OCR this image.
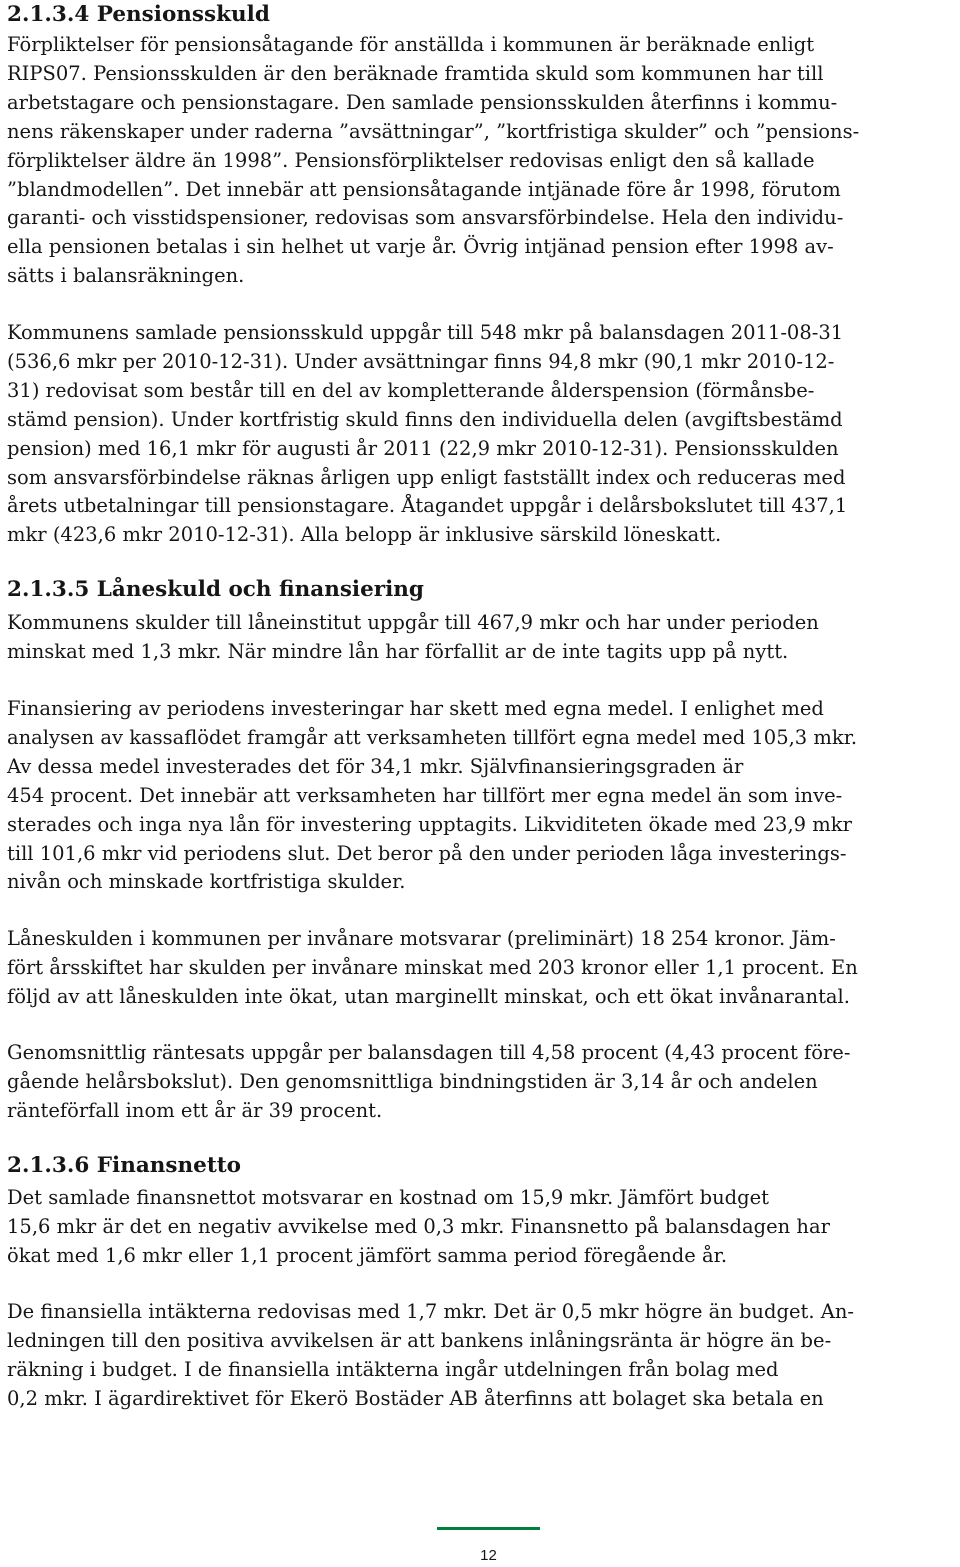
2.1.3.4 Pensionsskuld

Förpliktelser för pensionsåtagande för anställda i kommunen är beräknade enligt
RIPS07. Pensionsskulden är den beräknade framtida skuld som kommunen har till
arbetstagare och pensionstagare. Den samlade pensionsskulden återfinns i kommu-
nens räkenskaper under raderna ”avsättningar”, ”kortfristiga skulder” och ”pensions-
förpliktelser äldre än 1998”. Pensionsförpliktelser redovisas enligt den så kallade
”blandmodellen”. Det innebär att pensionsåtagande intjänade före år 1998, förutom
garanti- och visstidspensioner, redovisas som ansvarsförbindelse. Hela den individu-
ella pensionen betalas i sin helhet ut varje år. Övrig intjänad pension efter 1998 av-
sätts i balansräkningen.

Kommunens samlade pensionsskuld uppgår till 548 mkr på balansdagen 2011-08-31
(536,6 mkr per 2010-12-31). Under avsättningar finns 94,8 mkr (90,1 mkr 2010-12-
31) redovisat som består till en del av kompletterande ålderspension (förmånsbe-
stämd pension). Under kortfristig skuld finns den individuella delen (avgiftsbestämd
pension) med 16,1 mkr för augusti år 2011 (22,9 mkr 2010-12-31). Pensionsskulden
som ansvarsförbindelse räknas årligen upp enligt fastställt index och reduceras med
årets utbetalningar till pensionstagare. Åtagandet uppgår i delårsbokslutet till 437,1
mkr (423,6 mkr 2010-12-31). Alla belopp är inklusive särskild löneskatt.

2.1.3.5 Låneskuld och finansiering

Kommunens skulder till låneinstitut uppgår till 467,9 mkr och har under perioden
minskat med 1,3 mkr. När mindre lån har förfallit ar de inte tagits upp på nytt.

Finansiering av periodens investeringar har skett med egna medel. I enlighet med
analysen av kassaflödet framgår att verksamheten tillfört egna medel med 105,3 mkr.
Av dessa medel investerades det för 34,1 mkr. Självfinansieringsgraden är
454 procent. Det innebär att verksamheten har tillfört mer egna medel än som inve-
sterades och inga nya lån för investering upptagits. Likviditeten ökade med 23,9 mkr
till 101,6 mkr vid periodens slut. Det beror på den under perioden låga investerings-
nivån och minskade kortfristiga skulder.

Låneskulden i kommunen per invånare motsvarar (preliminärt) 18 254 kronor. Jäm-
fört årsskiftet har skulden per invånare minskat med 203 kronor eller 1,1 procent. En
följd av att låneskulden inte ökat, utan marginellt minskat, och ett ökat invånarantal.

Genomsnittlig räntesats uppgår per balansdagen till 4,58 procent (4,43 procent före-
gående helårsbokslut). Den genomsnittliga bindningstiden är 3,14 år och andelen
ränteförfall inom ett år är 39 procent.

2.1.3.6 Finansnetto

Det samlade finansnettot motsvarar en kostnad om 15,9 mkr. Jämfört budget
15,6 mkr är det en negativ avvikelse med 0,3 mkr. Finansnetto på balansdagen har
ökat med 1,6 mkr eller 1,1 procent jämfört samma period föregående år.

De finansiella intäkterna redovisas med 1,7 mkr. Det är 0,5 mkr högre än budget. An-
ledningen till den positiva avvikelsen är att bankens inlåningsränta är högre än be-
räkning i budget. I de finansiella intäkterna ingår utdelningen från bolag med
0,2 mkr. I ägardirektivet för Ekerö Bostäder AB återfinns att bolaget ska betala en

12
